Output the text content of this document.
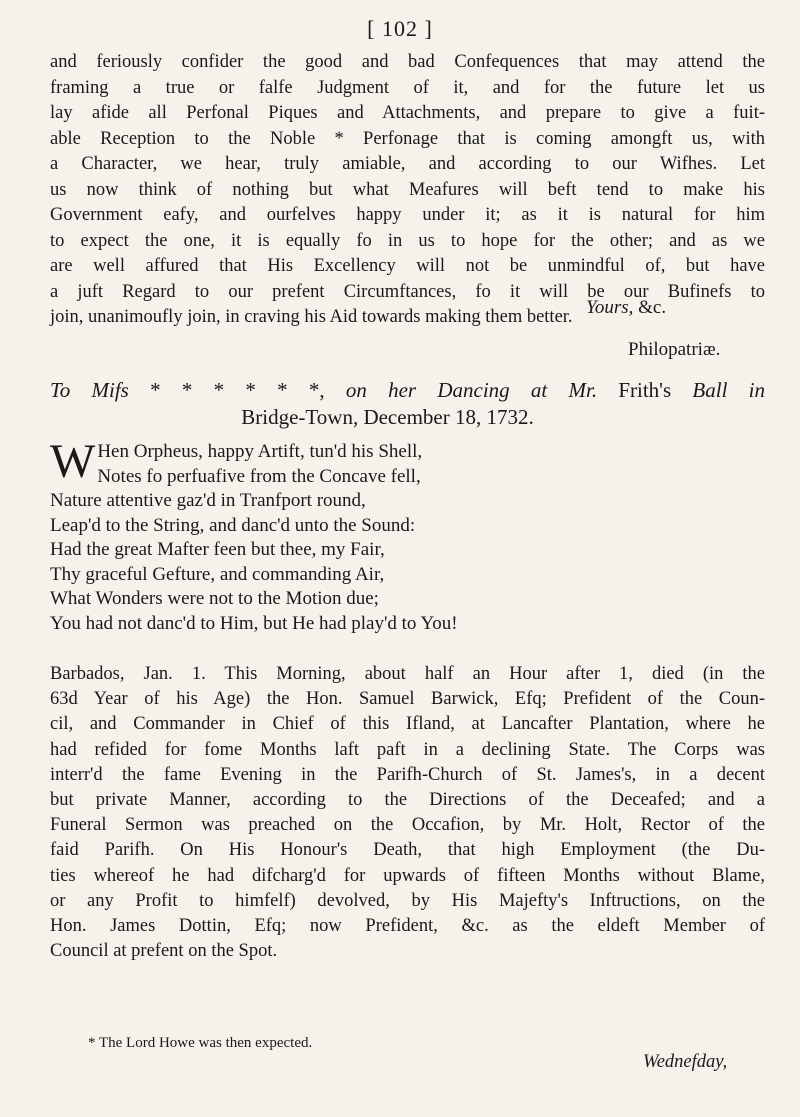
[ 102 ]
and feriously confider the good and bad Confequences that may attend the
framing a true or falfe Judgment of it, and for the future let us
lay afide all Perfonal Piques and Attachments, and prepare to give a fuit-
able Reception to the Noble * Perfonage that is coming amongft us, with
a Character, we hear, truly amiable, and according to our Wifhes. Let
us now think of nothing but what Meafures will beft tend to make his
Government eafy, and ourfelves happy under it; as it is natural for him
to expect the one, it is equally fo in us to hope for the other; and as we
are well affured that His Excellency will not be unmindful of, but have
a juft Regard to our prefent Circumftances, fo it will be our Bufinefs to
join, unanimoufly join, in craving his Aid towards making them better. Yours, &c.
Philopatriæ.
To Mifs * * * * * *, on her Dancing at Mr. Frith's Ball in
Bridge-Town, December 18, 1732.
W Hen Orpheus, happy Artift, tun'd his Shell,
Notes fo perfuafive from the Concave fell,
Nature attentive gaz'd in Tranfport round,
Leap'd to the String, and danc'd unto the Sound:
Had the great Mafter feen but thee, my Fair,
Thy graceful Gefture, and commanding Air,
What Wonders were not to the Motion due;
You had not danc'd to Him, but He had play'd to You!
Barbados, Jan. 1. This Morning, about half an Hour after 1, died (in the
63d Year of his Age) the Hon. Samuel Barwick, Efq; Prefident of the Coun-
cil, and Commander in Chief of this Ifland, at Lancafter Plantation, where he
had refided for fome Months laft paft in a declining State. The Corps was
interr'd the fame Evening in the Parifh-Church of St. James's, in a decent
but private Manner, according to the Directions of the Deceafed; and a
Funeral Sermon was preached on the Occafion, by Mr. Holt, Rector of the
faid Parifh. On His Honour's Death, that high Employment (the Du-
ties whereof he had difcharg'd for upwards of fifteen Months without Blame,
or any Profit to himfelf) devolved, by His Majefty's Inftructions, on the
Hon. James Dottin, Efq; now Prefident, &c. as the eldeft Member of
Council at prefent on the Spot.
* The Lord Howe was then expected.
Wednefday,
